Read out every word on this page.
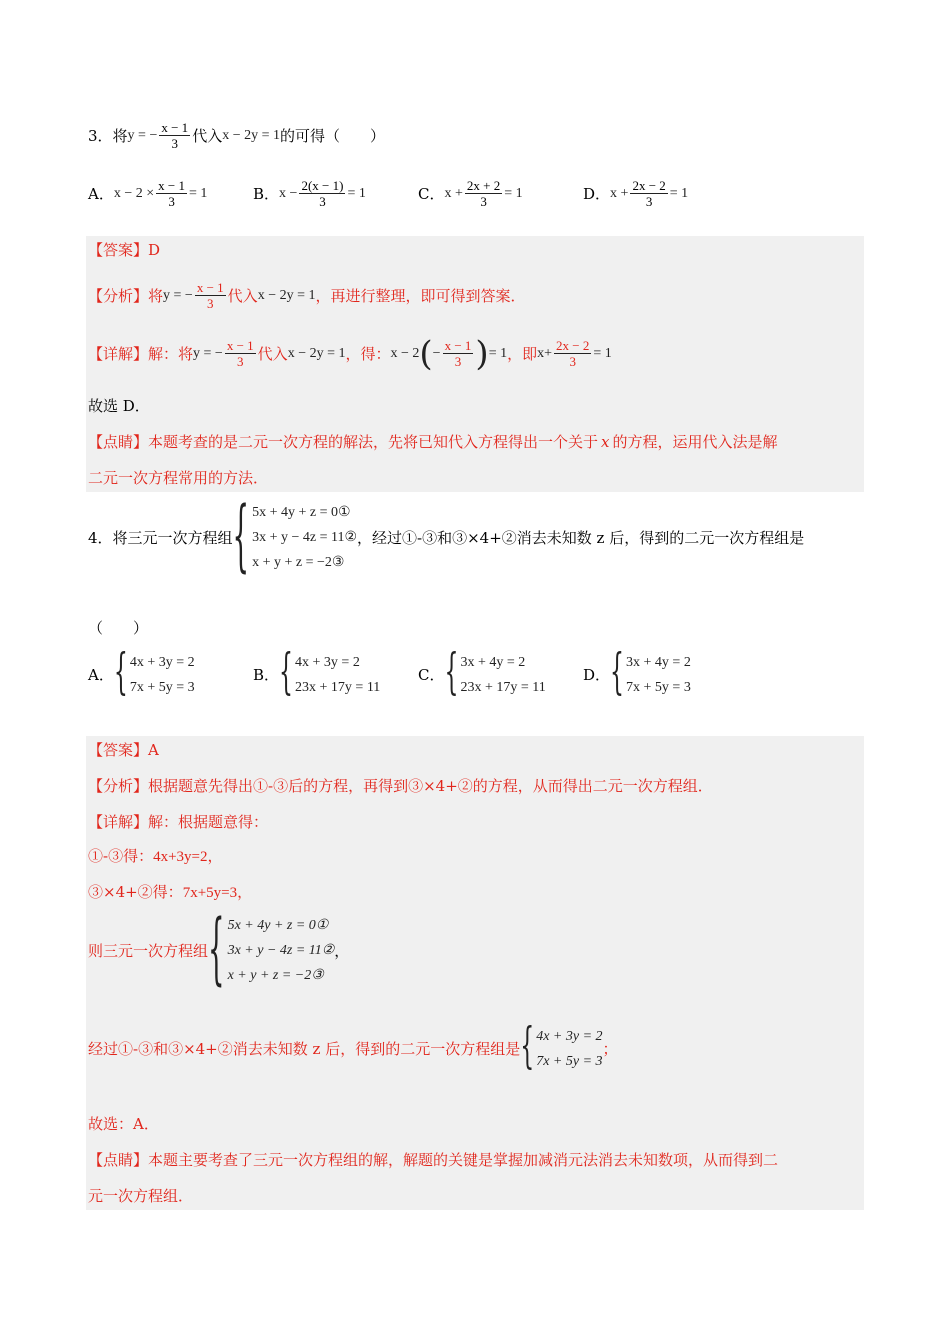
3．将 y = − $\frac{x - 1}{3}$ 代入 x − 2y = 1 的可得（　　）
A． $x - 2 \times \frac{x - 1}{3} = 1$	B． $x - \frac{2(x - 1)}{3} = 1$	C． $x + \frac{2x + 2}{3} = 1$	D． $x + \frac{2x - 2}{3} = 1$
【答案】D
【分析】 将 y = − $\frac{x - 1}{3}$ 代入 x − 2y = 1 ，再进行整理，即可得到答案．
【详解】 解：将 y = − $\frac{x - 1}{3}$ 代入 x − 2y = 1 ，得： x − 2 ( − $\frac{x - 1}{3}$ ) = 1 ，即 $x+ \frac{2x - 2}{3} = 1$
故选 D．
【点睛】本题考查的是二元一次方程的解法，先将已知代入方程得出一个关于 x 的方程，运用代入法是解
二元一次方程常用的方法．
4．将三元一次方程组 { 5x + 4y + z = 0①
3x + y − 4z = 11②
x + y + z = −2③
，经过①-③和③×4+②消去未知数 z 后，得到的二元一次方程组是
（　　）
A． { 4x + 3y = 2
7x + 5y = 3
B． { 4x + 3y = 2
23x + 17y = 11
C． { 3x + 4y = 2
23x + 17y = 11
D． { 3x + 4y = 2
7x + 5y = 3
【答案】A
【分析】根据题意先得出①-③后的方程，再得到③×4+②的方程，从而得出二元一次方程组．
【详解】解：根据题意得：
①-③得：4x+3y=2，
③×4+②得：7x+5y=3，
则三元一次方程组 { 5x + 4y + z = 0①
3x + y − 4z = 11②
x + y + z = −2③
，
经过①-③和③×4+②消去未知数 z 后，得到的二元一次方程组是 { 4x + 3y = 2
7x + 5y = 3
；
故选：A．
【点睛】本题主要考查了三元一次方程组的解，解题的关键是掌握加减消元法消去未知数项，从而得到二
元一次方程组．
